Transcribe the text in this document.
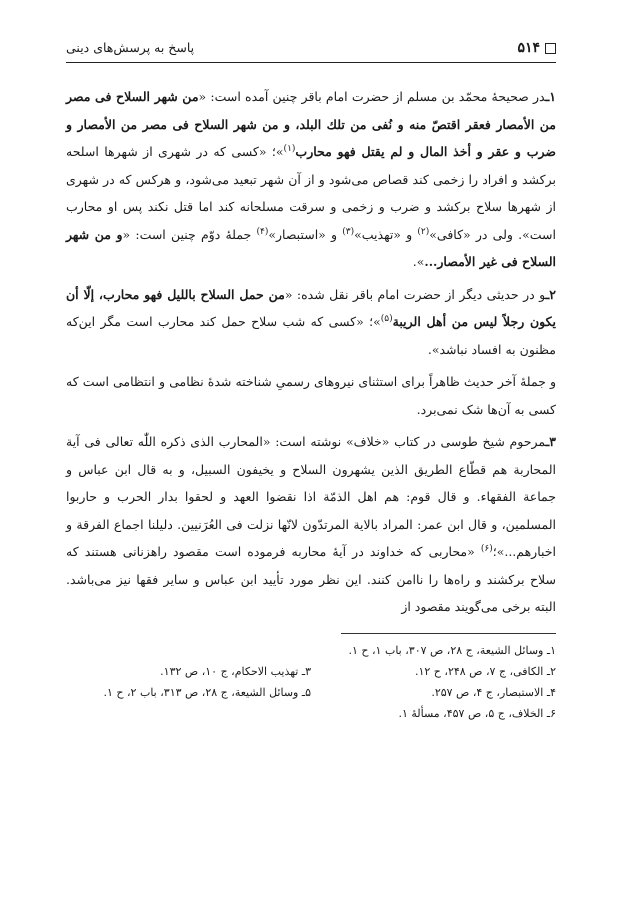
۵۱۴
پاسخ به پرسش‌های دینی

۱ـدر صحیحهٔ محمّد بن مسلم از حضرت امام باقر چنین آمده است: «من شهر السلاح فی مصر من الأمصار فعقر اقتصّ منه و نُفی من تلك البلد، و من شهر السلاح فی مصر من الأمصار و ضرب و عقر و أخذ المال و لم یقتل فهو محارب$^{(۱)}$»؛ «کسی که در شهری از شهرها اسلحه برکشد و افراد را زخمی کند قصاص می‌شود و از آن شهر تبعید می‌شود، و هرکس که در شهری از شهرها سلاح برکشد و ضرب و زخمی و سرقت مسلحانه کند اما قتل نکند پس او محارب است». ولی در «کافی»$^{(۲)}$ و «تهذیب»$^{(۳)}$ و «استبصار»$^{(۴)}$ جملهٔ دوّم چنین است: «و من شهر السلاح فی غیر الأمصار...».

۲ـو در حدیثی دیگر از حضرت امام باقر نقل شده: «من حمل السلاح باللیل فهو محارب، إلّا أن یکون رجلاً لیس من أهل الریبة$^{(۵)}$»؛ «کسی که شب سلاح حمل کند محارب است مگر این‌که مظنون به افساد نباشد».

و جملهٔ آخر حدیث ظاهراً برای استثنای نیروهای رسمیِ شناخته شدهٔ نظامی و انتظامی است که کسی به آن‌ها شک نمی‌برد.

۳ـمرحوم شیخ طوسی در کتاب «خلاف» نوشته است: «المحارب الذی ذکره اللّٰه تعالی فی آیة المحاربة هم قطّاع الطریق الذین یشهرون السلاح و یخیفون السبیل، و به قال ابن عباس و جماعة الفقهاء. و قال قوم: هم اهل الذمّة اذا نقضوا العهد و لحقوا بدار الحرب و حاربوا المسلمین، و قال ابن عمر: المراد بالایة المرتدّون لانّها نزلت فی العُرَنیین. دلیلنا اجماع الفرقة و اخبارهم...»؛$^{(۶)}$ «محاربی که خداوند در آیهٔ محاربه فرموده است مقصود راهزنانی هستند که سلاح برکشند و راه‌ها را ناامن کنند. این نظر مورد تأیید ابن عباس و سایر فقها نیز می‌باشد. البته برخی می‌گویند مقصود از

۱ـ وسائل الشیعة، ج ۲۸، ص ۳۰۷، باب ۱، ح ۱.
۲ـ الکافی، ج ۷، ص ۲۴۸، ح ۱۲.
۳ـ تهذیب الاحکام، ج ۱۰، ص ۱۳۲.
۴ـ الاستبصار، ج ۴، ص ۲۵۷.
۵ـ وسائل الشیعة، ج ۲۸، ص ۳۱۳، باب ۲، ح ۱.
۶ـ الخلاف، ج ۵، ص ۴۵۷، مسألهٔ ۱.
